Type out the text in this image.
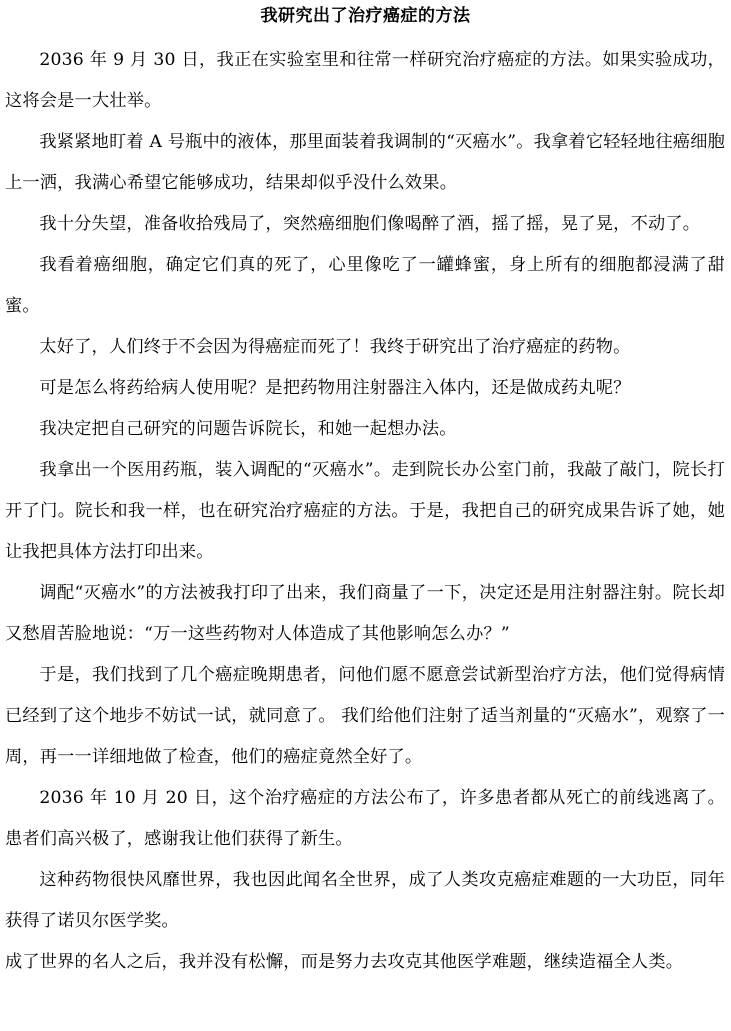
我研究出了治疗癌症的方法

2036 年 9 月 30 日，我正在实验室里和往常一样研究治疗癌症的方法。如果实验成功，这将会是一大壮举。

我紧紧地盯着 A 号瓶中的液体，那里面装着我调制的“灭癌水”。我拿着它轻轻地往癌细胞上一洒，我满心希望它能够成功，结果却似乎没什么效果。

我十分失望，准备收拾残局了，突然癌细胞们像喝醉了酒，摇了摇，晃了晃，不动了。

我看着癌细胞，确定它们真的死了，心里像吃了一罐蜂蜜，身上所有的细胞都浸满了甜蜜。

太好了，人们终于不会因为得癌症而死了！我终于研究出了治疗癌症的药物。

可是怎么将药给病人使用呢？是把药物用注射器注入体内，还是做成药丸呢？

我决定把自己研究的问题告诉院长，和她一起想办法。

我拿出一个医用药瓶，装入调配的“灭癌水”。走到院长办公室门前，我敲了敲门，院长打开了门。院长和我一样，也在研究治疗癌症的方法。于是，我把自己的研究成果告诉了她，她让我把具体方法打印出来。

调配“灭癌水”的方法被我打印了出来，我们商量了一下，决定还是用注射器注射。院长却又愁眉苦脸地说：“万一这些药物对人体造成了其他影响怎么办？”

于是，我们找到了几个癌症晚期患者，问他们愿不愿意尝试新型治疗方法，他们觉得病情已经到了这个地步不妨试一试，就同意了。 我们给他们注射了适当剂量的“灭癌水”，观察了一周，再一一详细地做了检查，他们的癌症竟然全好了。

2036 年 10 月 20 日，这个治疗癌症的方法公布了，许多患者都从死亡的前线逃离了。患者们高兴极了，感谢我让他们获得了新生。

这种药物很快风靡世界，我也因此闻名全世界，成了人类攻克癌症难题的一大功臣，同年获得了诺贝尔医学奖。

成了世界的名人之后，我并没有松懈，而是努力去攻克其他医学难题，继续造福全人类。
